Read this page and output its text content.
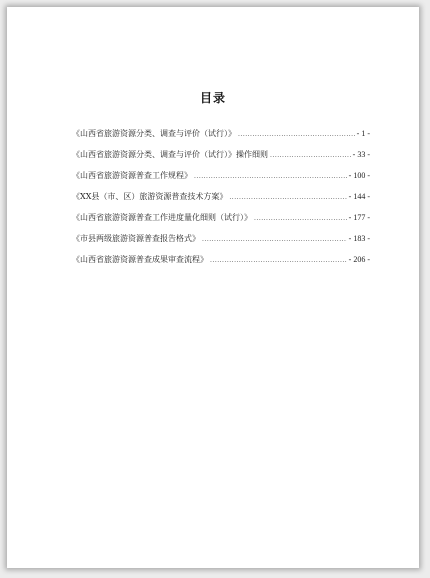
目录
《山西省旅游资源分类、调查与评价（试行）》 .....	- 1 -
《山西省旅游资源分类、调查与评价（试行）》操作细则 .....	- 33 -
《山西省旅游资源普查工作规程》 .....	- 100 -
《XX县（市、区）旅游资源普查技术方案》 .....	- 144 -
《山西省旅游资源普查工作进度量化细则（试行）》 .....	- 177 -
《市县两级旅游资源普查报告格式》 .....	- 183 -
《山西省旅游资源普查成果审查流程》 .....	- 206 -
